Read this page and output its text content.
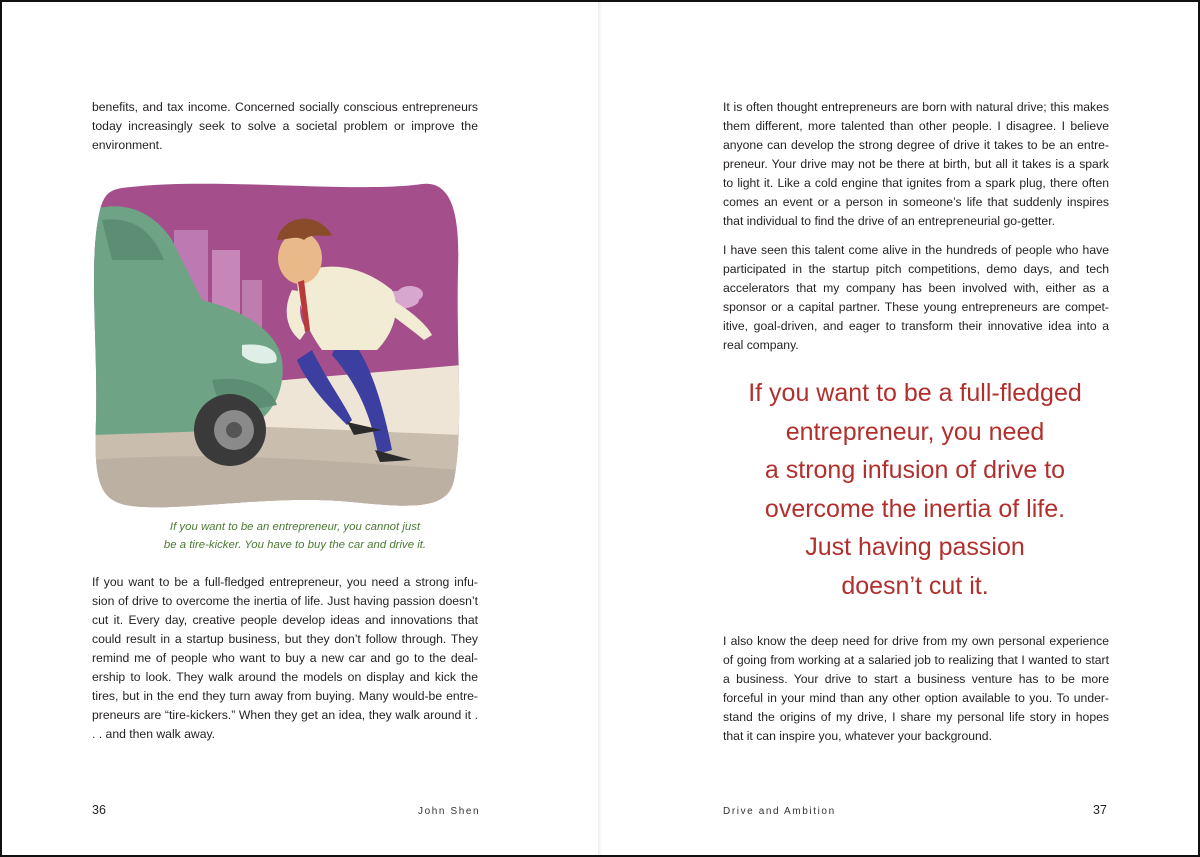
benefits, and tax income. Concerned socially conscious entrepreneurs today increasingly seek to solve a societal problem or improve the environment.

If you want to be an entrepreneur, you cannot just
be a tire-kicker. You have to buy the car and drive it.

If you want to be a full-fledged entrepreneur, you need a strong infu- sion of drive to overcome the inertia of life. Just having passion doesn’t cut it. Every day, creative people develop ideas and innovations that could result in a startup business, but they don’t follow through. They remind me of people who want to buy a new car and go to the deal- ership to look. They walk around the models on display and kick the tires, but in the end they turn away from buying. Many would-be entre- preneurs are “tire-kickers.” When they get an idea, they walk around it . . . and then walk away.

36	John Shen

It is often thought entrepreneurs are born with natural drive; this makes them different, more talented than other people. I disagree. I believe anyone can develop the strong degree of drive it takes to be an entre- preneur. Your drive may not be there at birth, but all it takes is a spark to light it. Like a cold engine that ignites from a spark plug, there often comes an event or a person in someone’s life that suddenly inspires that individual to find the drive of an entrepreneurial go-getter.

I have seen this talent come alive in the hundreds of people who have participated in the startup pitch competitions, demo days, and tech accelerators that my company has been involved with, either as a sponsor or a capital partner. These young entrepreneurs are compet- itive, goal-driven, and eager to transform their innovative idea into a real company.

If you want to be a full-fledged
entrepreneur, you need
a strong infusion of drive to
overcome the inertia of life.
Just having passion
doesn’t cut it.

I also know the deep need for drive from my own personal experience of going from working at a salaried job to realizing that I wanted to start a business. Your drive to start a business venture has to be more forceful in your mind than any other option available to you. To under- stand the origins of my drive, I share my personal life story in hopes that it can inspire you, whatever your background.

Drive and Ambition	37
